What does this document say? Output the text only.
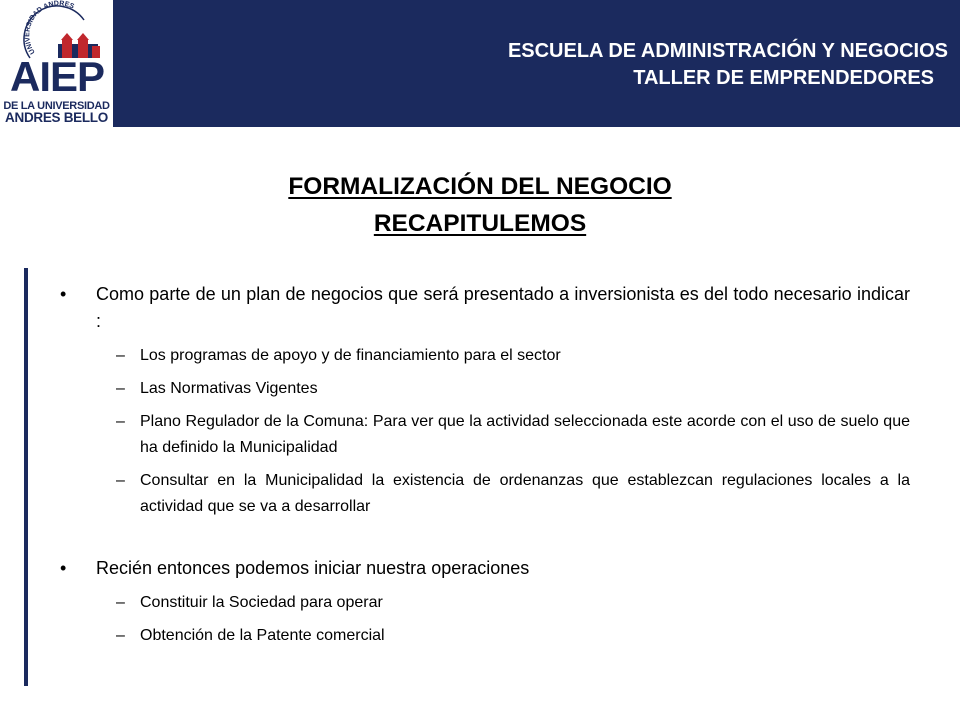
UNIVERSIDAD ANDRES
AIEP
DE LA UNIVERSIDAD
ANDRES BELLO
ESCUELA DE ADMINISTRACIÓN Y NEGOCIOS
TALLER DE EMPRENDEDORES
FORMALIZACIÓN DEL NEGOCIO
RECAPITULEMOS
• Como parte de un plan de negocios que será presentado a inversionista es del todo necesario indicar :
– Los programas de apoyo y de financiamiento para el sector
– Las Normativas Vigentes
– Plano Regulador de la Comuna: Para ver que la actividad seleccionada este acorde con el uso de suelo que ha definido la Municipalidad
– Consultar en la Municipalidad la existencia de ordenanzas que establezcan regulaciones locales a la actividad que se va a desarrollar
• Recién entonces podemos iniciar nuestra operaciones
– Constituir la Sociedad para operar
– Obtención de la Patente comercial
